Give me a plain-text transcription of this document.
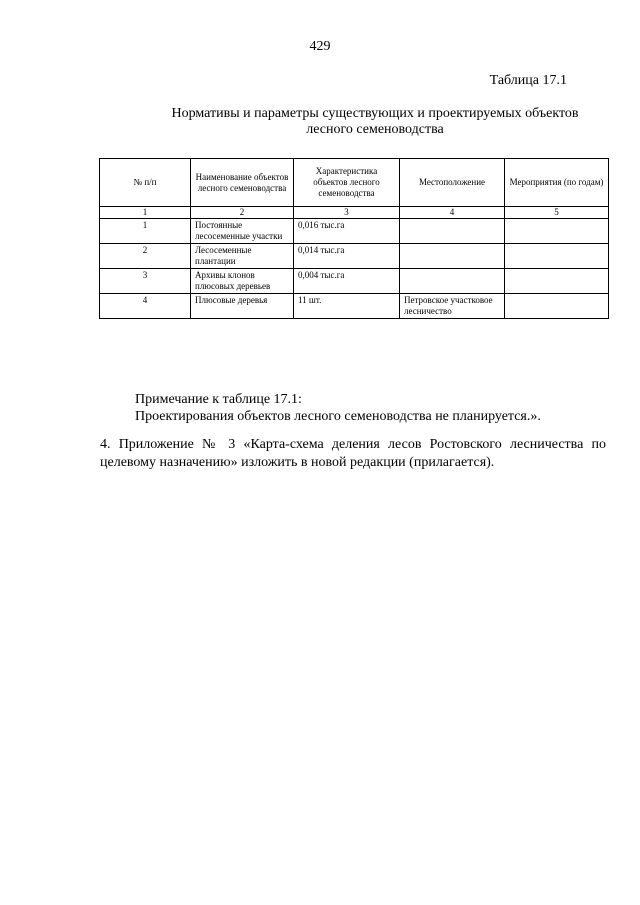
429
Таблица 17.1
Нормативы и параметры существующих и проектируемых объектов
лесного семеноводства
№ п/п	Наименование объектов лесного семеноводства	Характеристика объектов лесного семеноводства	Местоположение	Мероприятия (по годам)
1	2	3	4	5
1	Постоянные лесосеменные участки	0,016 тыс.га		
2	Лесосеменные плантации	0,014 тыс.га		
3	Архивы клонов плюсовых деревьев	0,004 тыс.га		
4	Плюсовые деревья	11 шт.	Петровское участковое лесничество	
Примечание к таблице 17.1:
Проектирования объектов лесного семеноводства не планируется.».
4. Приложение № 3 «Карта-схема деления лесов Ростовского лесничества по целевому назначению» изложить в новой редакции (прилагается).
